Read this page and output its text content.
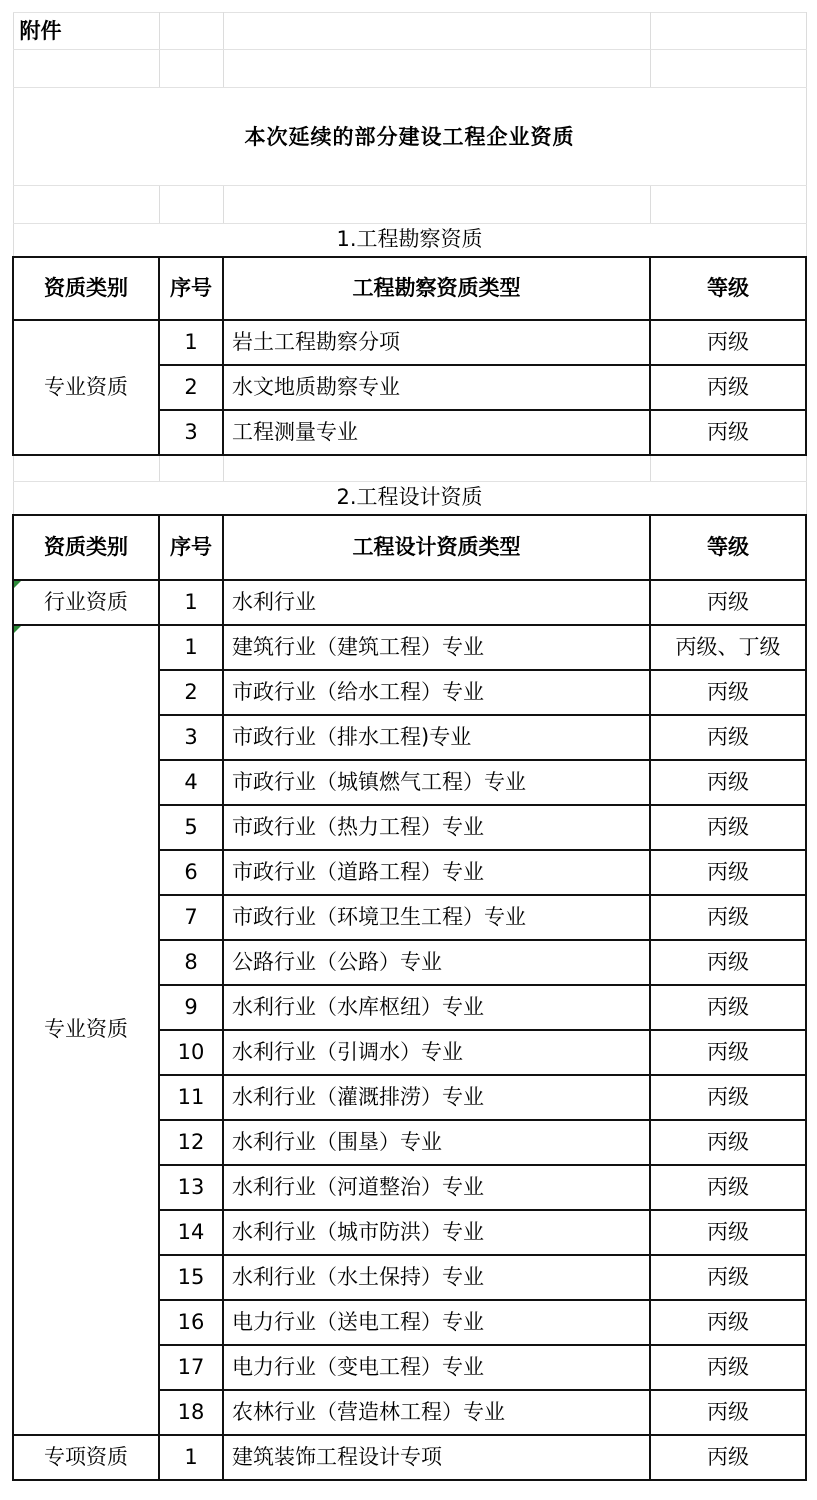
附件			

本次延续的部分建设工程企业资质			

1.工程勘察资质			
资质类别	序号	工程勘察资质类型	等级
专业资质	1	岩土工程勘察分项	丙级
	2	水文地质勘察专业	丙级
	3	工程测量专业	丙级

2.工程设计资质			
资质类别	序号	工程设计资质类型	等级
行业资质	1	水利行业	丙级
专业资质	1	建筑行业（建筑工程）专业	丙级、丁级
	2	市政行业（给水工程）专业	丙级
	3	市政行业（排水工程)专业	丙级
	4	市政行业（城镇燃气工程）专业	丙级
	5	市政行业（热力工程）专业	丙级
	6	市政行业（道路工程）专业	丙级
	7	市政行业（环境卫生工程）专业	丙级
	8	公路行业（公路）专业	丙级
	9	水利行业（水库枢纽）专业	丙级
	10	水利行业（引调水）专业	丙级
	11	水利行业（灌溉排涝）专业	丙级
	12	水利行业（围垦）专业	丙级
	13	水利行业（河道整治）专业	丙级
	14	水利行业（城市防洪）专业	丙级
	15	水利行业（水土保持）专业	丙级
	16	电力行业（送电工程）专业	丙级
	17	电力行业（变电工程）专业	丙级
	18	农林行业（营造林工程）专业	丙级
专项资质	1	建筑装饰工程设计专项	丙级
